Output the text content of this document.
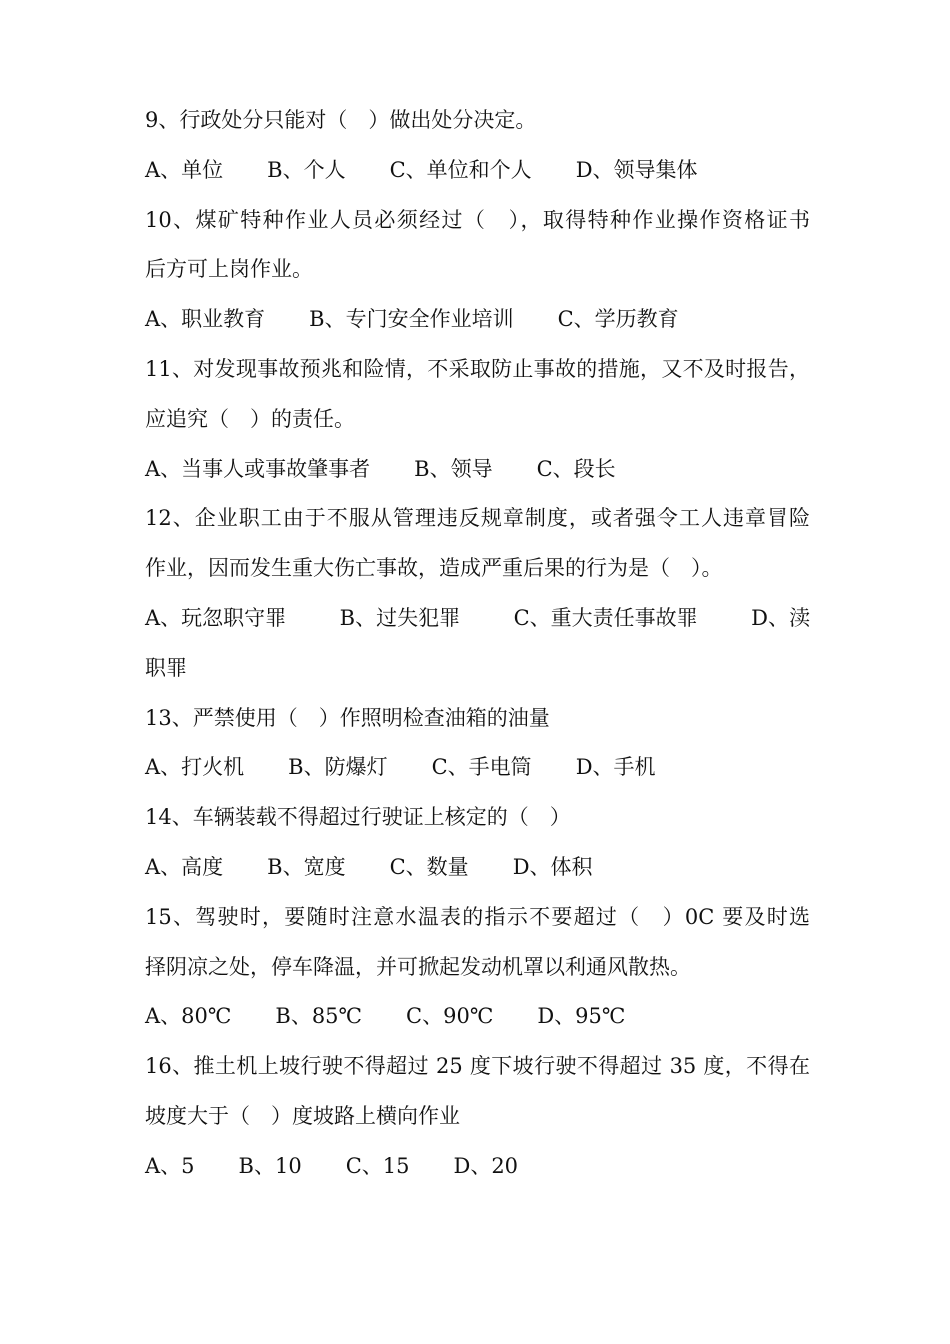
9、行政处分只能对（　）做出处分决定。
A、单位 B、个人 C、单位和个人 D、领导集体
10、煤矿特种作业人员必须经过（　），取得特种作业操作资格证书
后方可上岗作业。
A、职业教育 B、专门安全作业培训 C、学历教育
11、对发现事故预兆和险情，不采取防止事故的措施，又不及时报告，
应追究（　）的责任。
A、当事人或事故肇事者 B、领导 C、段长
12、企业职工由于不服从管理违反规章制度，或者强令工人违章冒险
作业，因而发生重大伤亡事故，造成严重后果的行为是（　）。
A、玩忽职守罪	B、过失犯罪	C、重大责任事故罪	D、渎
职罪
13、严禁使用（　）作照明检查油箱的油量
A、打火机 B、防爆灯 C、手电筒 D、手机
14、车辆装载不得超过行驶证上核定的（　）
A、高度 B、宽度 C、数量 D、体积
15、驾驶时，要随时注意水温表的指示不要超过（　）0C 要及时选
择阴凉之处，停车降温，并可掀起发动机罩以利通风散热。
A、80℃ B、85℃ C、90℃ D、95℃
16、推土机上坡行驶不得超过 25 度下坡行驶不得超过 35 度，不得在
坡度大于（　）度坡路上横向作业
A、5 B、10 C、15 D、20
